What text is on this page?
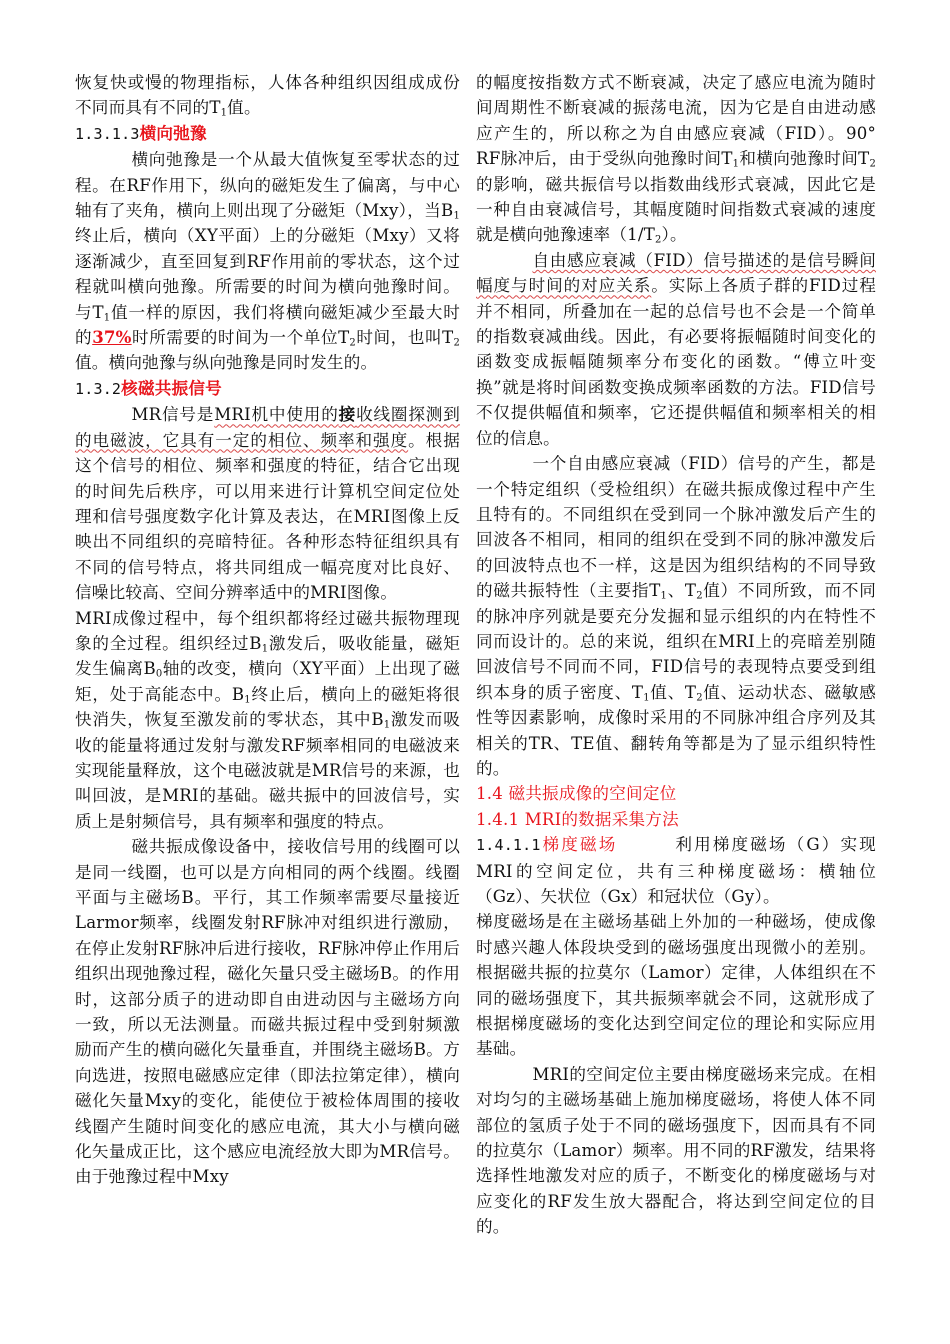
恢复快或慢的物理指标，人体各种组织因组成成份不同而具有不同的$T_1$值。

1.3.1.3横向弛豫

横向弛豫是一个从最大值恢复至零状态的过程。在RF作用下，纵向的磁矩发生了偏离，与中心轴有了夹角，横向上则出现了分磁矩（Mxy），当$B_1$终止后，横向（XY平面）上的分磁矩（Mxy）又将逐渐减少，直至回复到RF作用前的零状态，这个过程就叫横向弛豫。所需要的时间为横向弛豫时间。与$T_1$值一样的原因，我们将横向磁矩减少至最大时的37%时所需要的时间为一个单位$T_2$时间，也叫$T_2$值。横向弛豫与纵向弛豫是同时发生的。

1.3.2核磁共振信号

MR信号是MRI机中使用的接收线圈探测到的电磁波，它具有一定的相位、频率和强度。根据这个信号的相位、频率和强度的特征，结合它出现的时间先后秩序，可以用来进行计算机空间定位处理和信号强度数字化计算及表达，在MRI图像上反映出不同组织的亮暗特征。各种形态特征组织具有不同的信号特点，将共同组成一幅亮度对比良好、信噪比较高、空间分辨率适中的MRI图像。

MRI成像过程中，每个组织都将经过磁共振物理现象的全过程。组织经过$B_1$激发后，吸收能量，磁矩发生偏离$B_0$轴的改变，横向（XY平面）上出现了磁矩，处于高能态中。$B_1$终止后，横向上的磁矩将很快消失，恢复至激发前的零状态，其中$B_1$激发而吸收的能量将通过发射与激发RF频率相同的电磁波来实现能量释放，这个电磁波就是MR信号的来源，也叫回波，是MRI的基础。磁共振中的回波信号，实质上是射频信号，具有频率和强度的特点。

磁共振成像设备中，接收信号用的线圈可以是同一线圈，也可以是方向相同的两个线圈。线圈平面与主磁场B。平行，其工作频率需要尽量接近Larmor频率，线圈发射RF脉冲对组织进行激励，在停止发射RF脉冲后进行接收，RF脉冲停止作用后组织出现弛豫过程，磁化矢量只受主磁场B。的作用时，这部分质子的进动即自由进动因与主磁场方向一致，所以无法测量。而磁共振过程中受到射频激励而产生的横向磁化矢量垂直，并围绕主磁场B。方向选进，按照电磁感应定律（即法拉第定律），横向磁化矢量Mxy的变化，能使位于被检体周围的接收线圈产生随时间变化的感应电流，其大小与横向磁化矢量成正比，这个感应电流经放大即为MR信号。由于弛豫过程中Mxy

的幅度按指数方式不断衰减，决定了感应电流为随时间周期性不断衰减的振荡电流，因为它是自由进动感应产生的，所以称之为自由感应衰减（FID）。90° RF脉冲后，由于受纵向弛豫时间$T_1$和横向弛豫时间$T_2$的影响，磁共振信号以指数曲线形式衰减，因此它是一种自由衰减信号，其幅度随时间指数式衰减的速度就是横向弛豫速率$(1/T_2)$。

自由感应衰减（FID）信号描述的是信号瞬间幅度与时间的对应关系。实际上各质子群的FID过程并不相同，所叠加在一起的总信号也不会是一个简单的指数衰减曲线。因此，有必要将振幅随时间变化的函数变成振幅随频率分布变化的函数。“傅立叶变换”就是将时间函数变换成频率函数的方法。FID信号不仅提供幅值和频率，它还提供幅值和频率相关的相位的信息。

一个自由感应衰减（FID）信号的产生，都是一个特定组织（受检组织）在磁共振成像过程中产生且特有的。不同组织在受到同一个脉冲激发后产生的回波各不相同，相同的组织在受到不同的脉冲激发后的回波特点也不一样，这是因为组织结构的不同导致的磁共振特性（主要指$T_1$、$T_2$值）不同所致，而不同的脉冲序列就是要充分发掘和显示组织的内在特性不同而设计的。总的来说，组织在MRI上的亮暗差别随回波信号不同而不同，FID信号的表现特点要受到组织本身的质子密度、$T_1$值、$T_2$值、运动状态、磁敏感性等因素影响，成像时采用的不同脉冲组合序列及其相关的TR、TE值、翻转角等都是为了显示组织特性的。

1.4 磁共振成像的空间定位

1.4.1 MRI的数据采集方法

1.4.1.1梯度磁场	利用梯度磁场（G）实现MRI的空间定位，共有三种梯度磁场：横轴位（Gz）、矢状位（Gx）和冠状位（Gy）。

梯度磁场是在主磁场基础上外加的一种磁场，使成像时感兴趣人体段块受到的磁场强度出现微小的差别。根据磁共振的拉莫尔（Lamor）定律，人体组织在不同的磁场强度下，其共振频率就会不同，这就形成了根据梯度磁场的变化达到空间定位的理论和实际应用基础。

MRI的空间定位主要由梯度磁场来完成。在相对均匀的主磁场基础上施加梯度磁场，将使人体不同部位的氢质子处于不同的磁场强度下，因而具有不同的拉莫尔（Lamor）频率。用不同的RF激发，结果将选择性地激发对应的质子，不断变化的梯度磁场与对应变化的RF发生放大器配合，将达到空间定位的目的。
